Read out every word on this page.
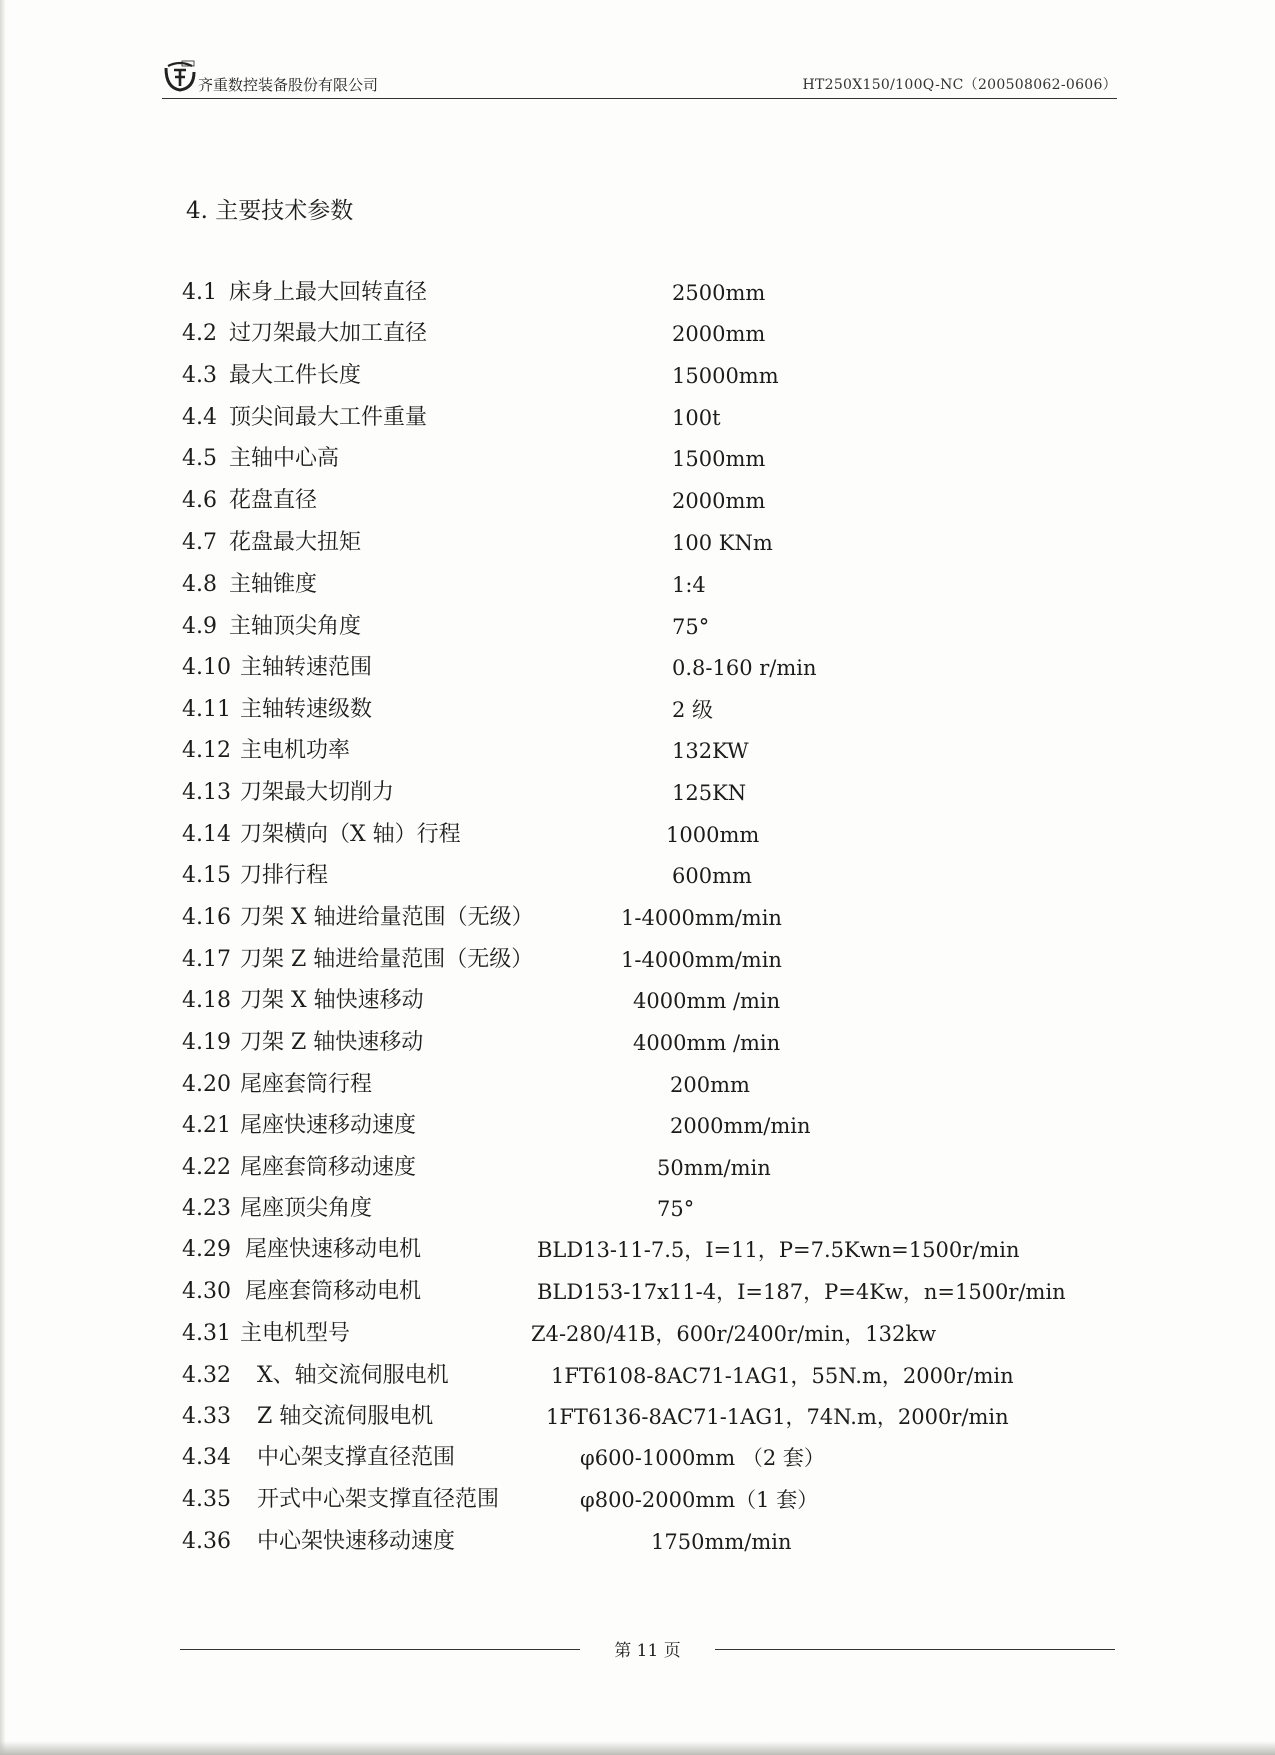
齐重数控装备股份有限公司	HT250X150/100Q-NC（200508062-0606）
4. 主要技术参数
4.1 床身上最大回转直径	2500mm
4.2 过刀架最大加工直径	2000mm
4.3 最大工件长度	15000mm
4.4 顶尖间最大工件重量	100t
4.5 主轴中心高	1500mm
4.6 花盘直径	2000mm
4.7 花盘最大扭矩	100 KNm
4.8 主轴锥度	1:4
4.9 主轴顶尖角度	75°
4.10 主轴转速范围	0.8-160 r/min
4.11 主轴转速级数	2 级
4.12 主电机功率	132KW
4.13 刀架最大切削力	125KN
4.14 刀架横向（X 轴）行程	1000mm
4.15 刀排行程	600mm
4.16 刀架 X 轴进给量范围（无级）	1-4000mm/min
4.17 刀架 Z 轴进给量范围（无级）	1-4000mm/min
4.18 刀架 X 轴快速移动	4000mm /min
4.19 刀架 Z 轴快速移动	4000mm /min
4.20 尾座套筒行程	200mm
4.21 尾座快速移动速度	2000mm/min
4.22 尾座套筒移动速度	50mm/min
4.23 尾座顶尖角度	75°
4.29 尾座快速移动电机	BLD13-11-7.5，I=11，P=7.5Kwn=1500r/min
4.30 尾座套筒移动电机	BLD153-17x11-4，I=187，P=4Kw，n=1500r/min
4.31 主电机型号	Z4-280/41B，600r/2400r/min，132kw
4.32 X、轴交流伺服电机	1FT6108-8AC71-1AG1，55N.m，2000r/min
4.33 Z 轴交流伺服电机	1FT6136-8AC71-1AG1，74N.m，2000r/min
4.34 中心架支撑直径范围	φ600-1000mm （2 套）
4.35 开式中心架支撑直径范围	φ800-2000mm（1 套）
4.36 中心架快速移动速度	1750mm/min
第 11 页
